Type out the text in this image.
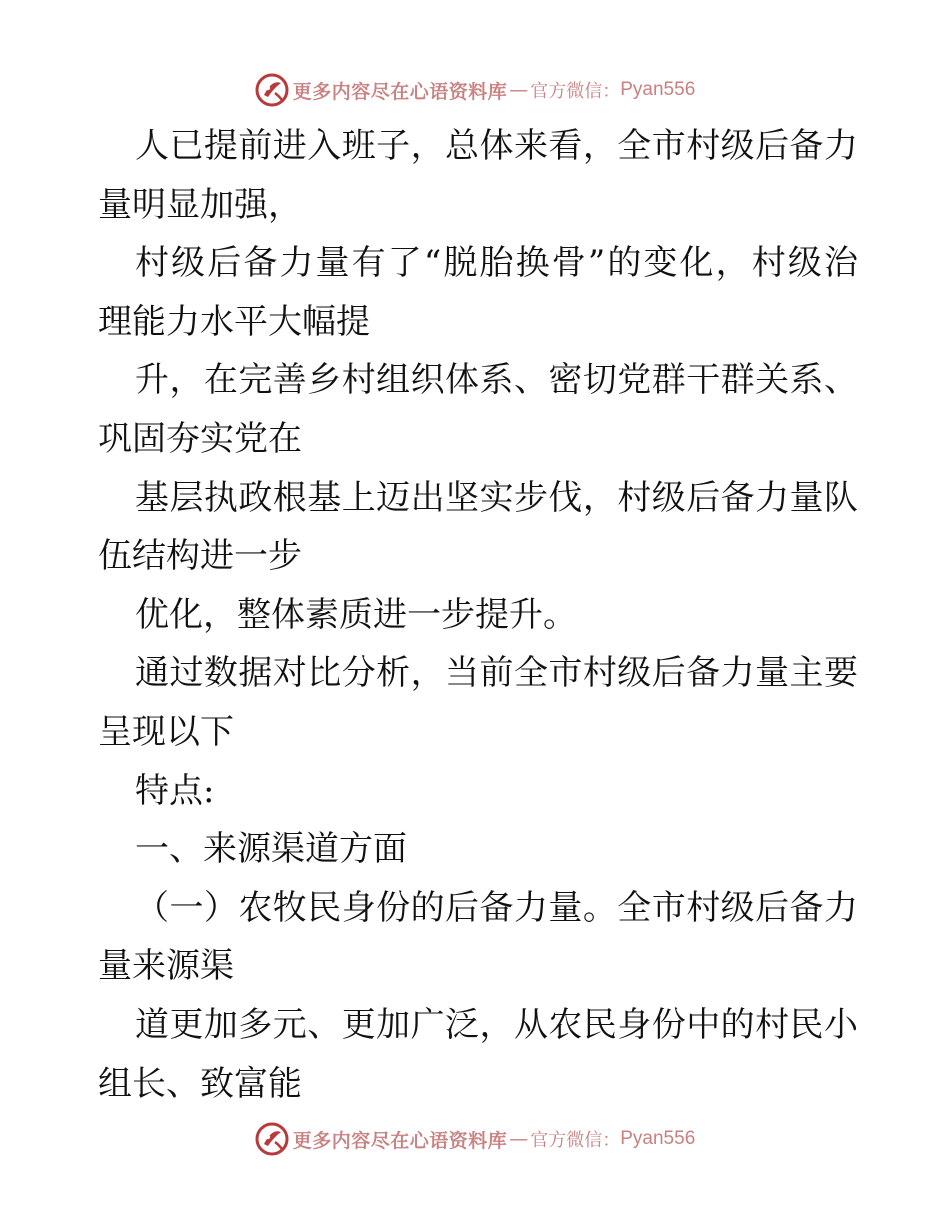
更多内容尽在心语资料库 — 官方微信： Pyan556
人已提前进入班子，总体来看，全市村级后备力
量明显加强，
村级后备力量有了“脱胎换骨”的变化，村级治
理能力水平大幅提
升，在完善乡村组织体系、密切党群干群关系、
巩固夯实党在
基层执政根基上迈出坚实步伐，村级后备力量队
伍结构进一步
优化，整体素质进一步提升。
通过数据对比分析，当前全市村级后备力量主要
呈现以下
特点:
一、来源渠道方面
（一）农牧民身份的后备力量。全市村级后备力
量来源渠
道更加多元、更加广泛，从农民身份中的村民小
组长、致富能
更多内容尽在心语资料库 — 官方微信： Pyan556
